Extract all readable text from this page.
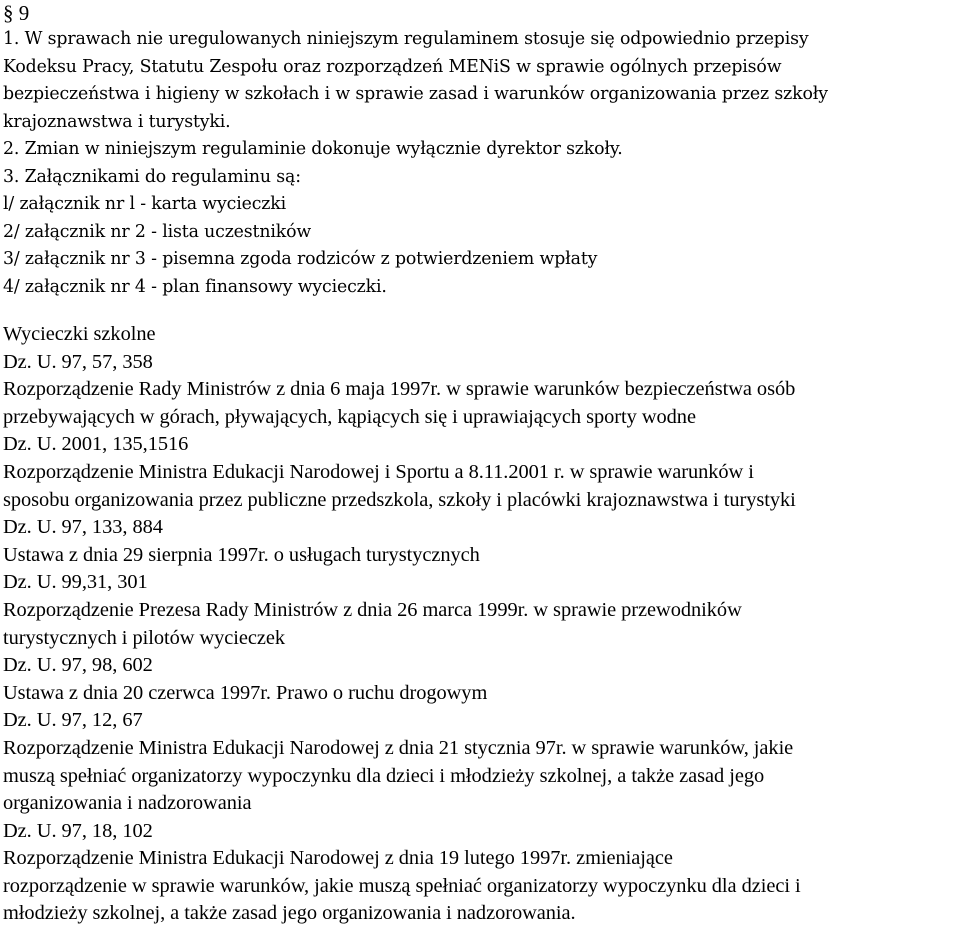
§ 9
1. W sprawach nie uregulowanych niniejszym regulaminem stosuje się odpowiednio przepisy
Kodeksu Pracy, Statutu Zespołu oraz rozporządzeń MENiS w sprawie ogólnych przepisów
bezpieczeństwa i higieny w szkołach i w sprawie zasad i warunków organizowania przez szkoły
krajoznawstwa i turystyki.
2. Zmian w niniejszym regulaminie dokonuje wyłącznie dyrektor szkoły.
3. Załącznikami do regulaminu są:
l/ załącznik nr l - karta wycieczki
2/ załącznik nr 2 - lista uczestników
3/ załącznik nr 3 - pisemna zgoda rodziców z potwierdzeniem wpłaty
4/ załącznik nr 4 - plan finansowy wycieczki.
Wycieczki szkolne
Dz. U. 97, 57, 358
Rozporządzenie Rady Ministrów z dnia 6 maja 1997r. w sprawie warunków bezpieczeństwa osób
przebywających w górach, pływających, kąpiących się i uprawiających sporty wodne
Dz. U. 2001, 135,1516
Rozporządzenie Ministra Edukacji Narodowej i Sportu a 8.11.2001 r. w sprawie warunków i
sposobu organizowania przez publiczne przedszkola, szkoły i placówki krajoznawstwa i turystyki
Dz. U. 97, 133, 884
Ustawa z dnia 29 sierpnia 1997r. o usługach turystycznych
Dz. U. 99,31, 301
Rozporządzenie Prezesa Rady Ministrów z dnia 26 marca 1999r. w sprawie przewodników
turystycznych i pilotów wycieczek
Dz. U. 97, 98, 602
Ustawa z dnia 20 czerwca 1997r. Prawo o ruchu drogowym
Dz. U. 97, 12, 67
Rozporządzenie Ministra Edukacji Narodowej z dnia 21 stycznia 97r. w sprawie warunków, jakie
muszą spełniać organizatorzy wypoczynku dla dzieci i młodzieży szkolnej, a także zasad jego
organizowania i nadzorowania
Dz. U. 97, 18, 102
Rozporządzenie Ministra Edukacji Narodowej z dnia 19 lutego 1997r. zmieniające
rozporządzenie w sprawie warunków, jakie muszą spełniać organizatorzy wypoczynku dla dzieci i
młodzieży szkolnej, a także zasad jego organizowania i nadzorowania.
